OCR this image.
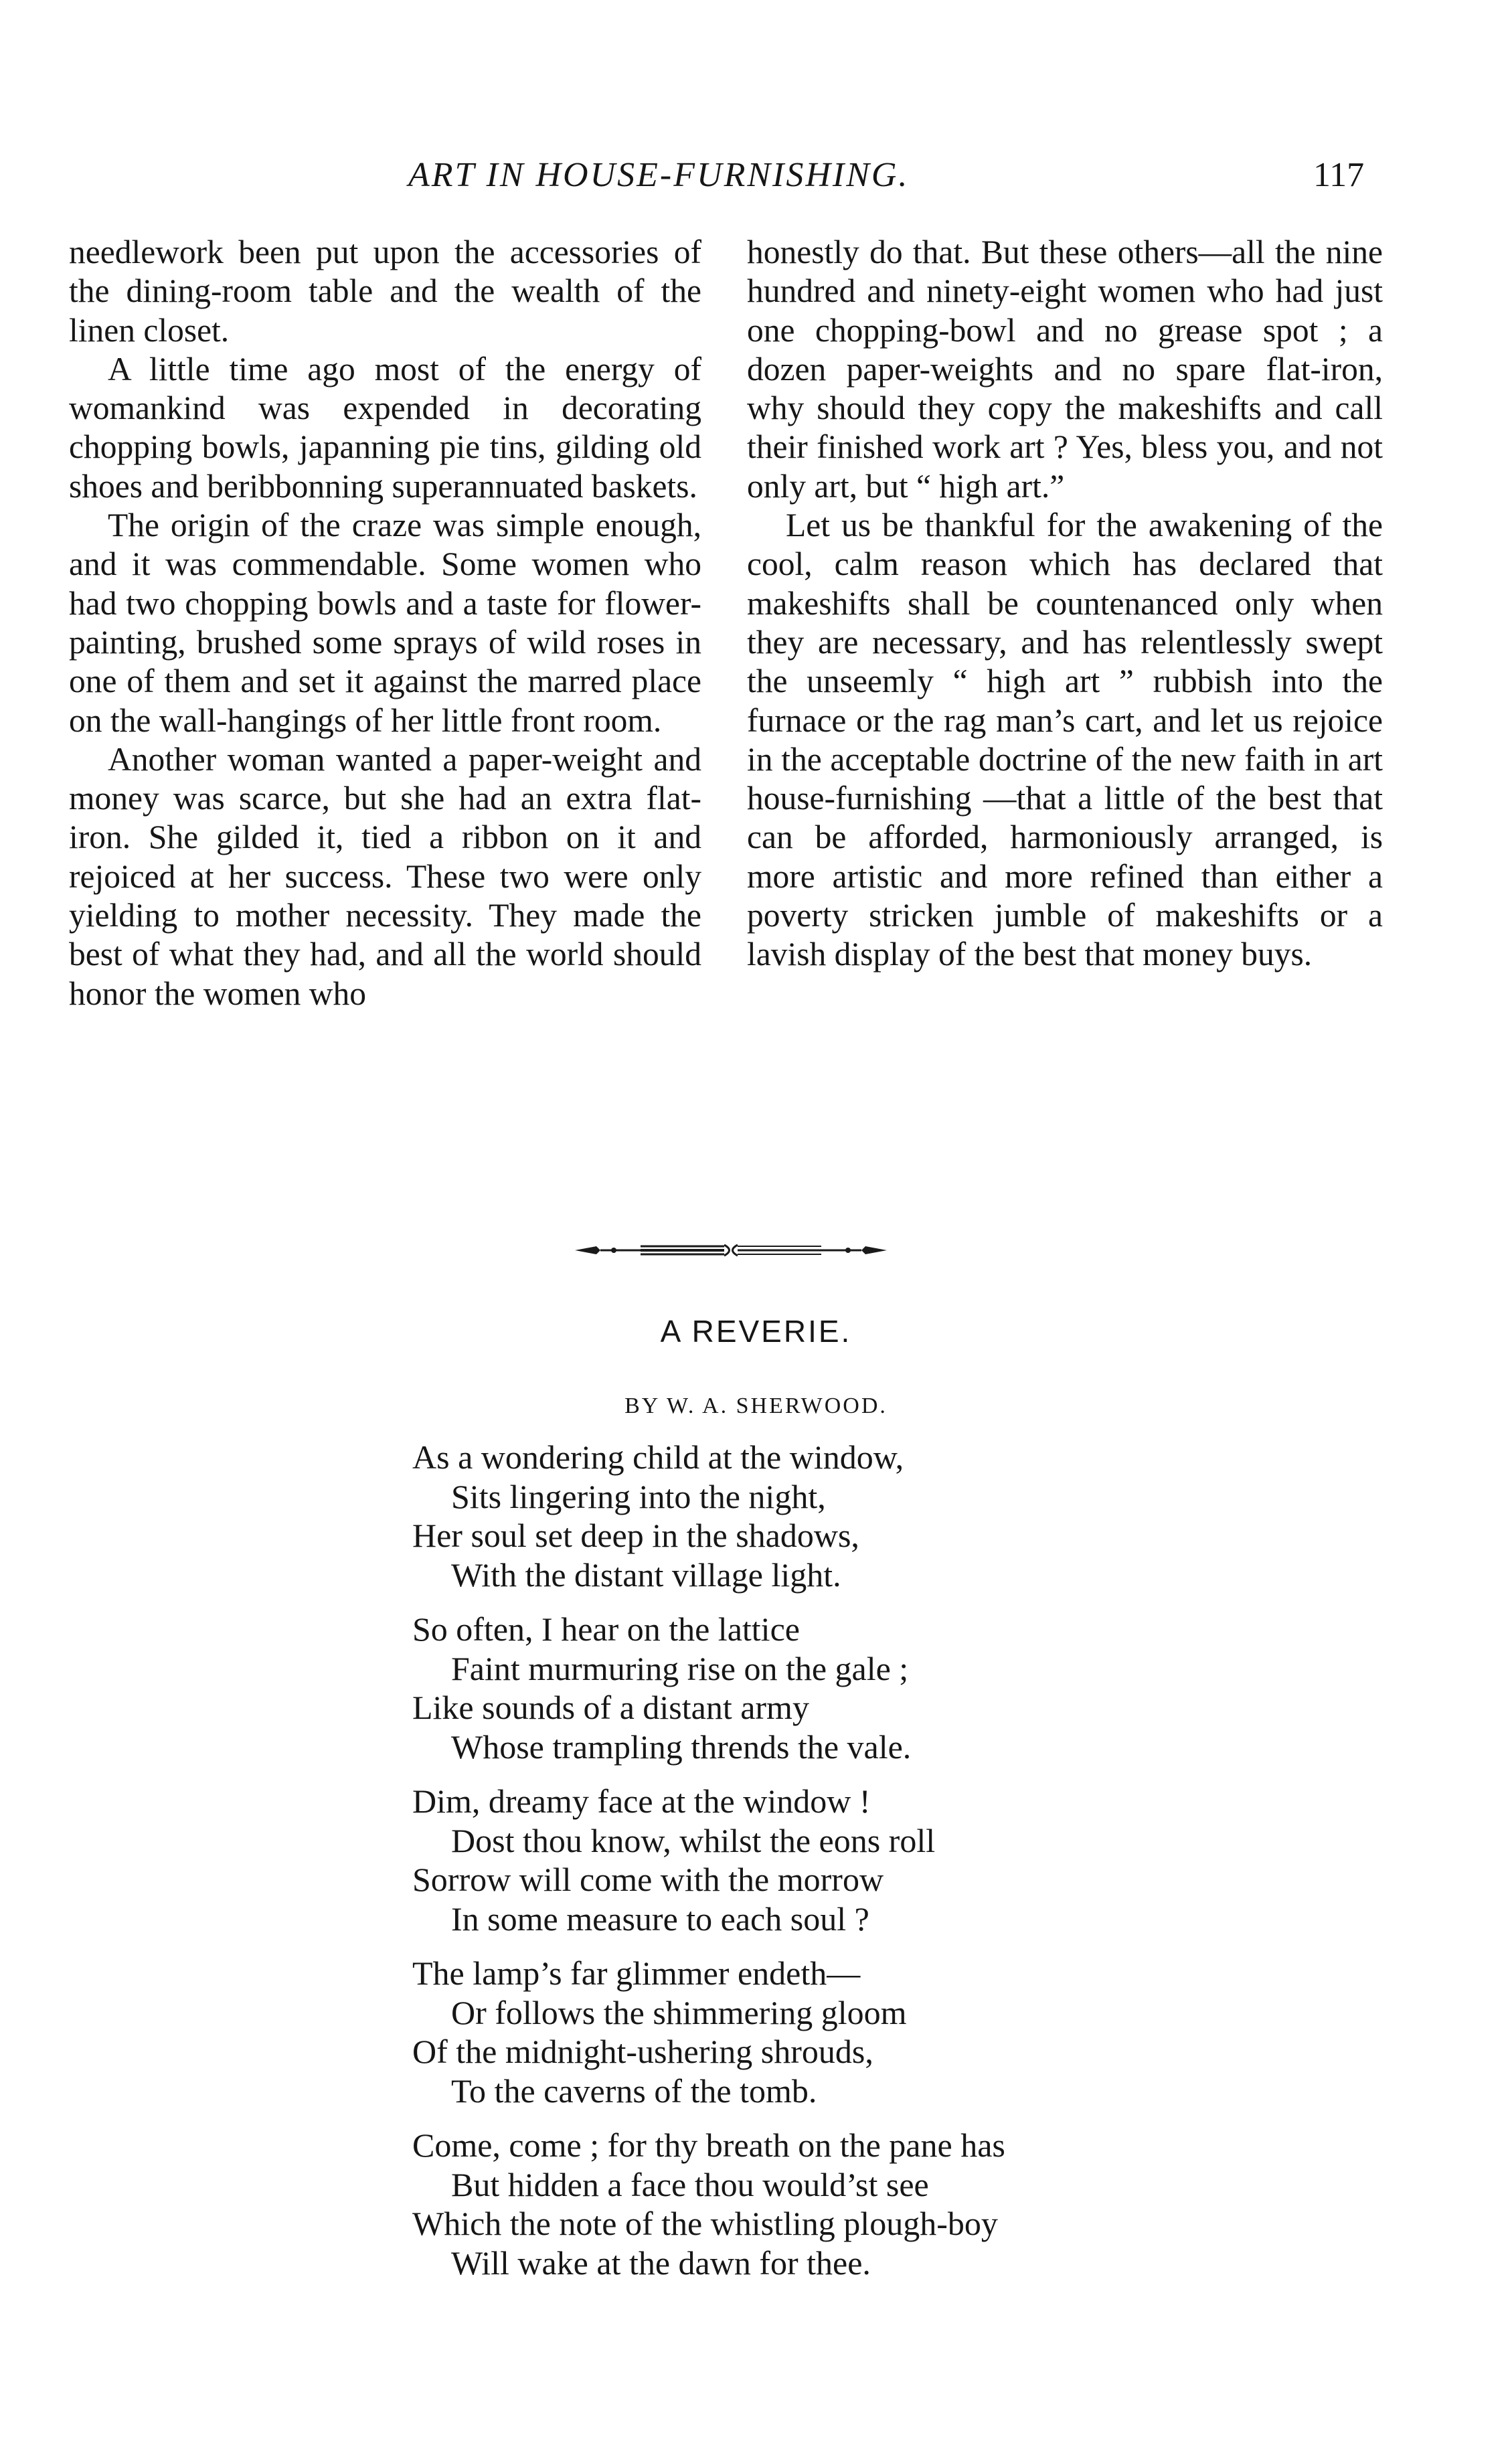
ART IN HOUSE-FURNISHING.	117

needlework been put upon the accessories of the dining-room table and the wealth of the linen closet.

A little time ago most of the energy of womankind was expended in decorating chopping bowls, japanning pie tins, gilding old shoes and beribbonning superannuated baskets.

The origin of the craze was simple enough, and it was commendable. Some women who had two chopping bowls and a taste for flower-painting, brushed some sprays of wild roses in one of them and set it against the marred place on the wall-hangings of her little front room.

Another woman wanted a paper-weight and money was scarce, but she had an extra flat-iron. She gilded it, tied a ribbon on it and rejoiced at her success. These two were only yielding to mother necessity. They made the best of what they had, and all the world should honor the women who

honestly do that. But these others—all the nine hundred and ninety-eight women who had just one chopping-bowl and no grease spot ; a dozen paper-weights and no spare flat-iron, why should they copy the makeshifts and call their finished work art ? Yes, bless you, and not only art, but “ high art.”

Let us be thankful for the awakening of the cool, calm reason which has declared that makeshifts shall be countenanced only when they are necessary, and has relentlessly swept the unseemly “ high art ” rubbish into the furnace or the rag man’s cart, and let us rejoice in the acceptable doctrine of the new faith in art house-furnishing —that a little of the best that can be afforded, harmoniously arranged, is more artistic and more refined than either a poverty stricken jumble of makeshifts or a lavish display of the best that money buys.

A REVERIE.
BY W. A. SHERWOOD.
As a wondering child at the window,
Sits lingering into the night,
Her soul set deep in the shadows,
With the distant village light.
So often, I hear on the lattice
Faint murmuring rise on the gale ;
Like sounds of a distant army
Whose trampling thrends the vale.
Dim, dreamy face at the window !
Dost thou know, whilst the eons roll
Sorrow will come with the morrow
In some measure to each soul ?
The lamp’s far glimmer endeth—
Or follows the shimmering gloom
Of the midnight-ushering shrouds,
To the caverns of the tomb.
Come, come ; for thy breath on the pane has
But hidden a face thou would’st see
Which the note of the whistling plough-boy
Will wake at the dawn for thee.
